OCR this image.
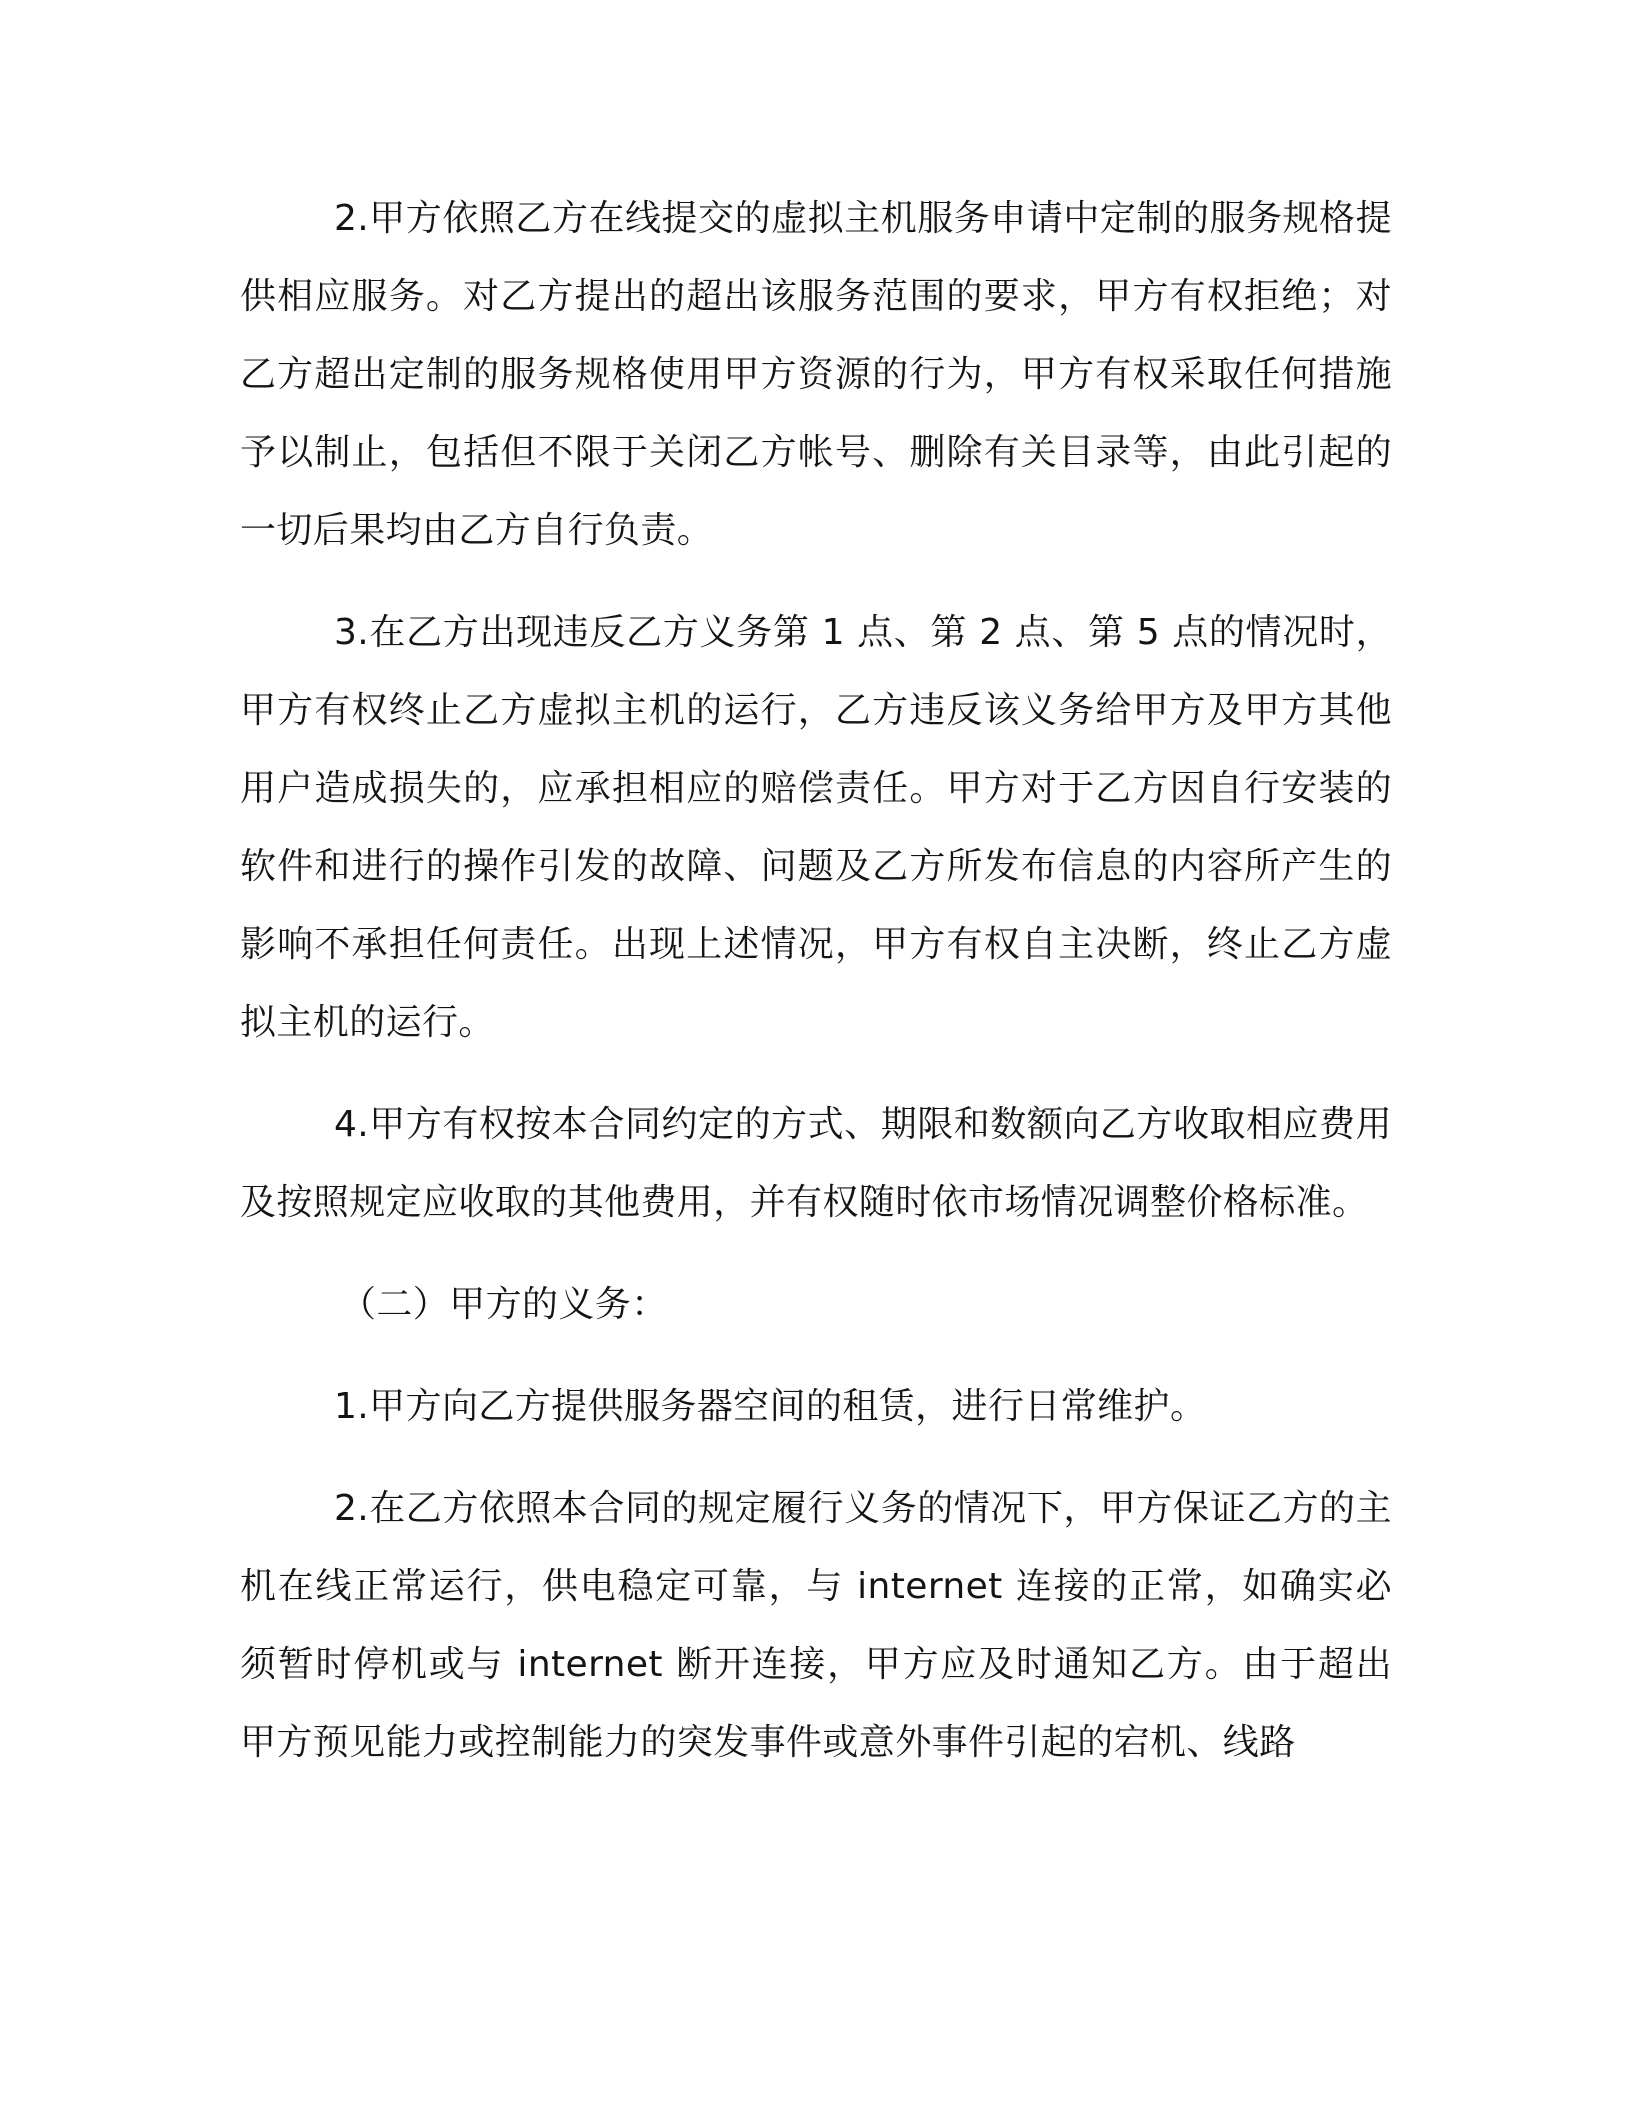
2.甲方依照乙方在线提交的虚拟主机服务申请中定制的服务规格提供相应服务。对乙方提出的超出该服务范围的要求，甲方有权拒绝；对乙方超出定制的服务规格使用甲方资源的行为，甲方有权采取任何措施予以制止，包括但不限于关闭乙方帐号、删除有关目录等，由此引起的一切后果均由乙方自行负责。

3.在乙方出现违反乙方义务第 1 点、第 2 点、第 5 点的情况时，甲方有权终止乙方虚拟主机的运行，乙方违反该义务给甲方及甲方其他用户造成损失的，应承担相应的赔偿责任。甲方对于乙方因自行安装的软件和进行的操作引发的故障、问题及乙方所发布信息的内容所产生的影响不承担任何责任。出现上述情况，甲方有权自主决断，终止乙方虚拟主机的运行。

4.甲方有权按本合同约定的方式、期限和数额向乙方收取相应费用及按照规定应收取的其他费用，并有权随时依市场情况调整价格标准。

（二）甲方的义务：

1.甲方向乙方提供服务器空间的租赁，进行日常维护。

2.在乙方依照本合同的规定履行义务的情况下，甲方保证乙方的主机在线正常运行，供电稳定可靠，与 internet 连接的正常，如确实必须暂时停机或与 internet 断开连接，甲方应及时通知乙方。由于超出甲方预见能力或控制能力的突发事件或意外事件引起的宕机、线路
